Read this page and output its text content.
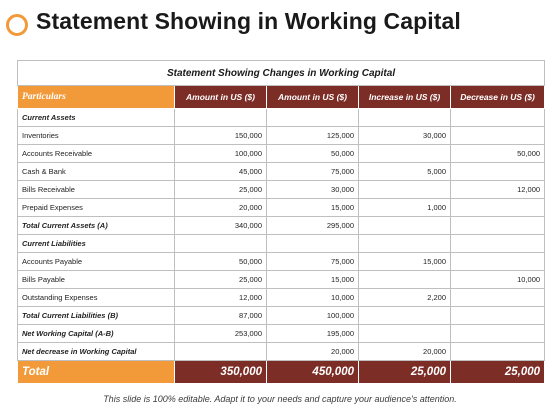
Statement Showing in Working Capital
Statement Showing Changes in Working Capital				
Particulars	Amount in US ($)	Amount in US ($)	Increase in US ($)	Decrease in US ($)
Current Assets				
Inventories	150,000	125,000	30,000	
Accounts Receivable	100,000	50,000		50,000
Cash & Bank	45,000	75,000	5,000	
Bills Receivable	25,000	30,000		12,000
Prepaid Expenses	20,000	15,000	1,000	
Total Current Assets (A)	340,000	295,000		
Current Liabilities				
Accounts Payable	50,000	75,000	15,000	
Bills Payable	25,000	15,000		10,000
Outstanding Expenses	12,000	10,000	2,200	
Total Current Liabilities (B)	87,000	100,000		
Net Working Capital (A-B)	253,000	195,000		
Net decrease in Working Capital		20,000	20,000	
Total	350,000	450,000	25,000	25,000
This slide is 100% editable. Adapt it to your needs and capture your audience's attention.
